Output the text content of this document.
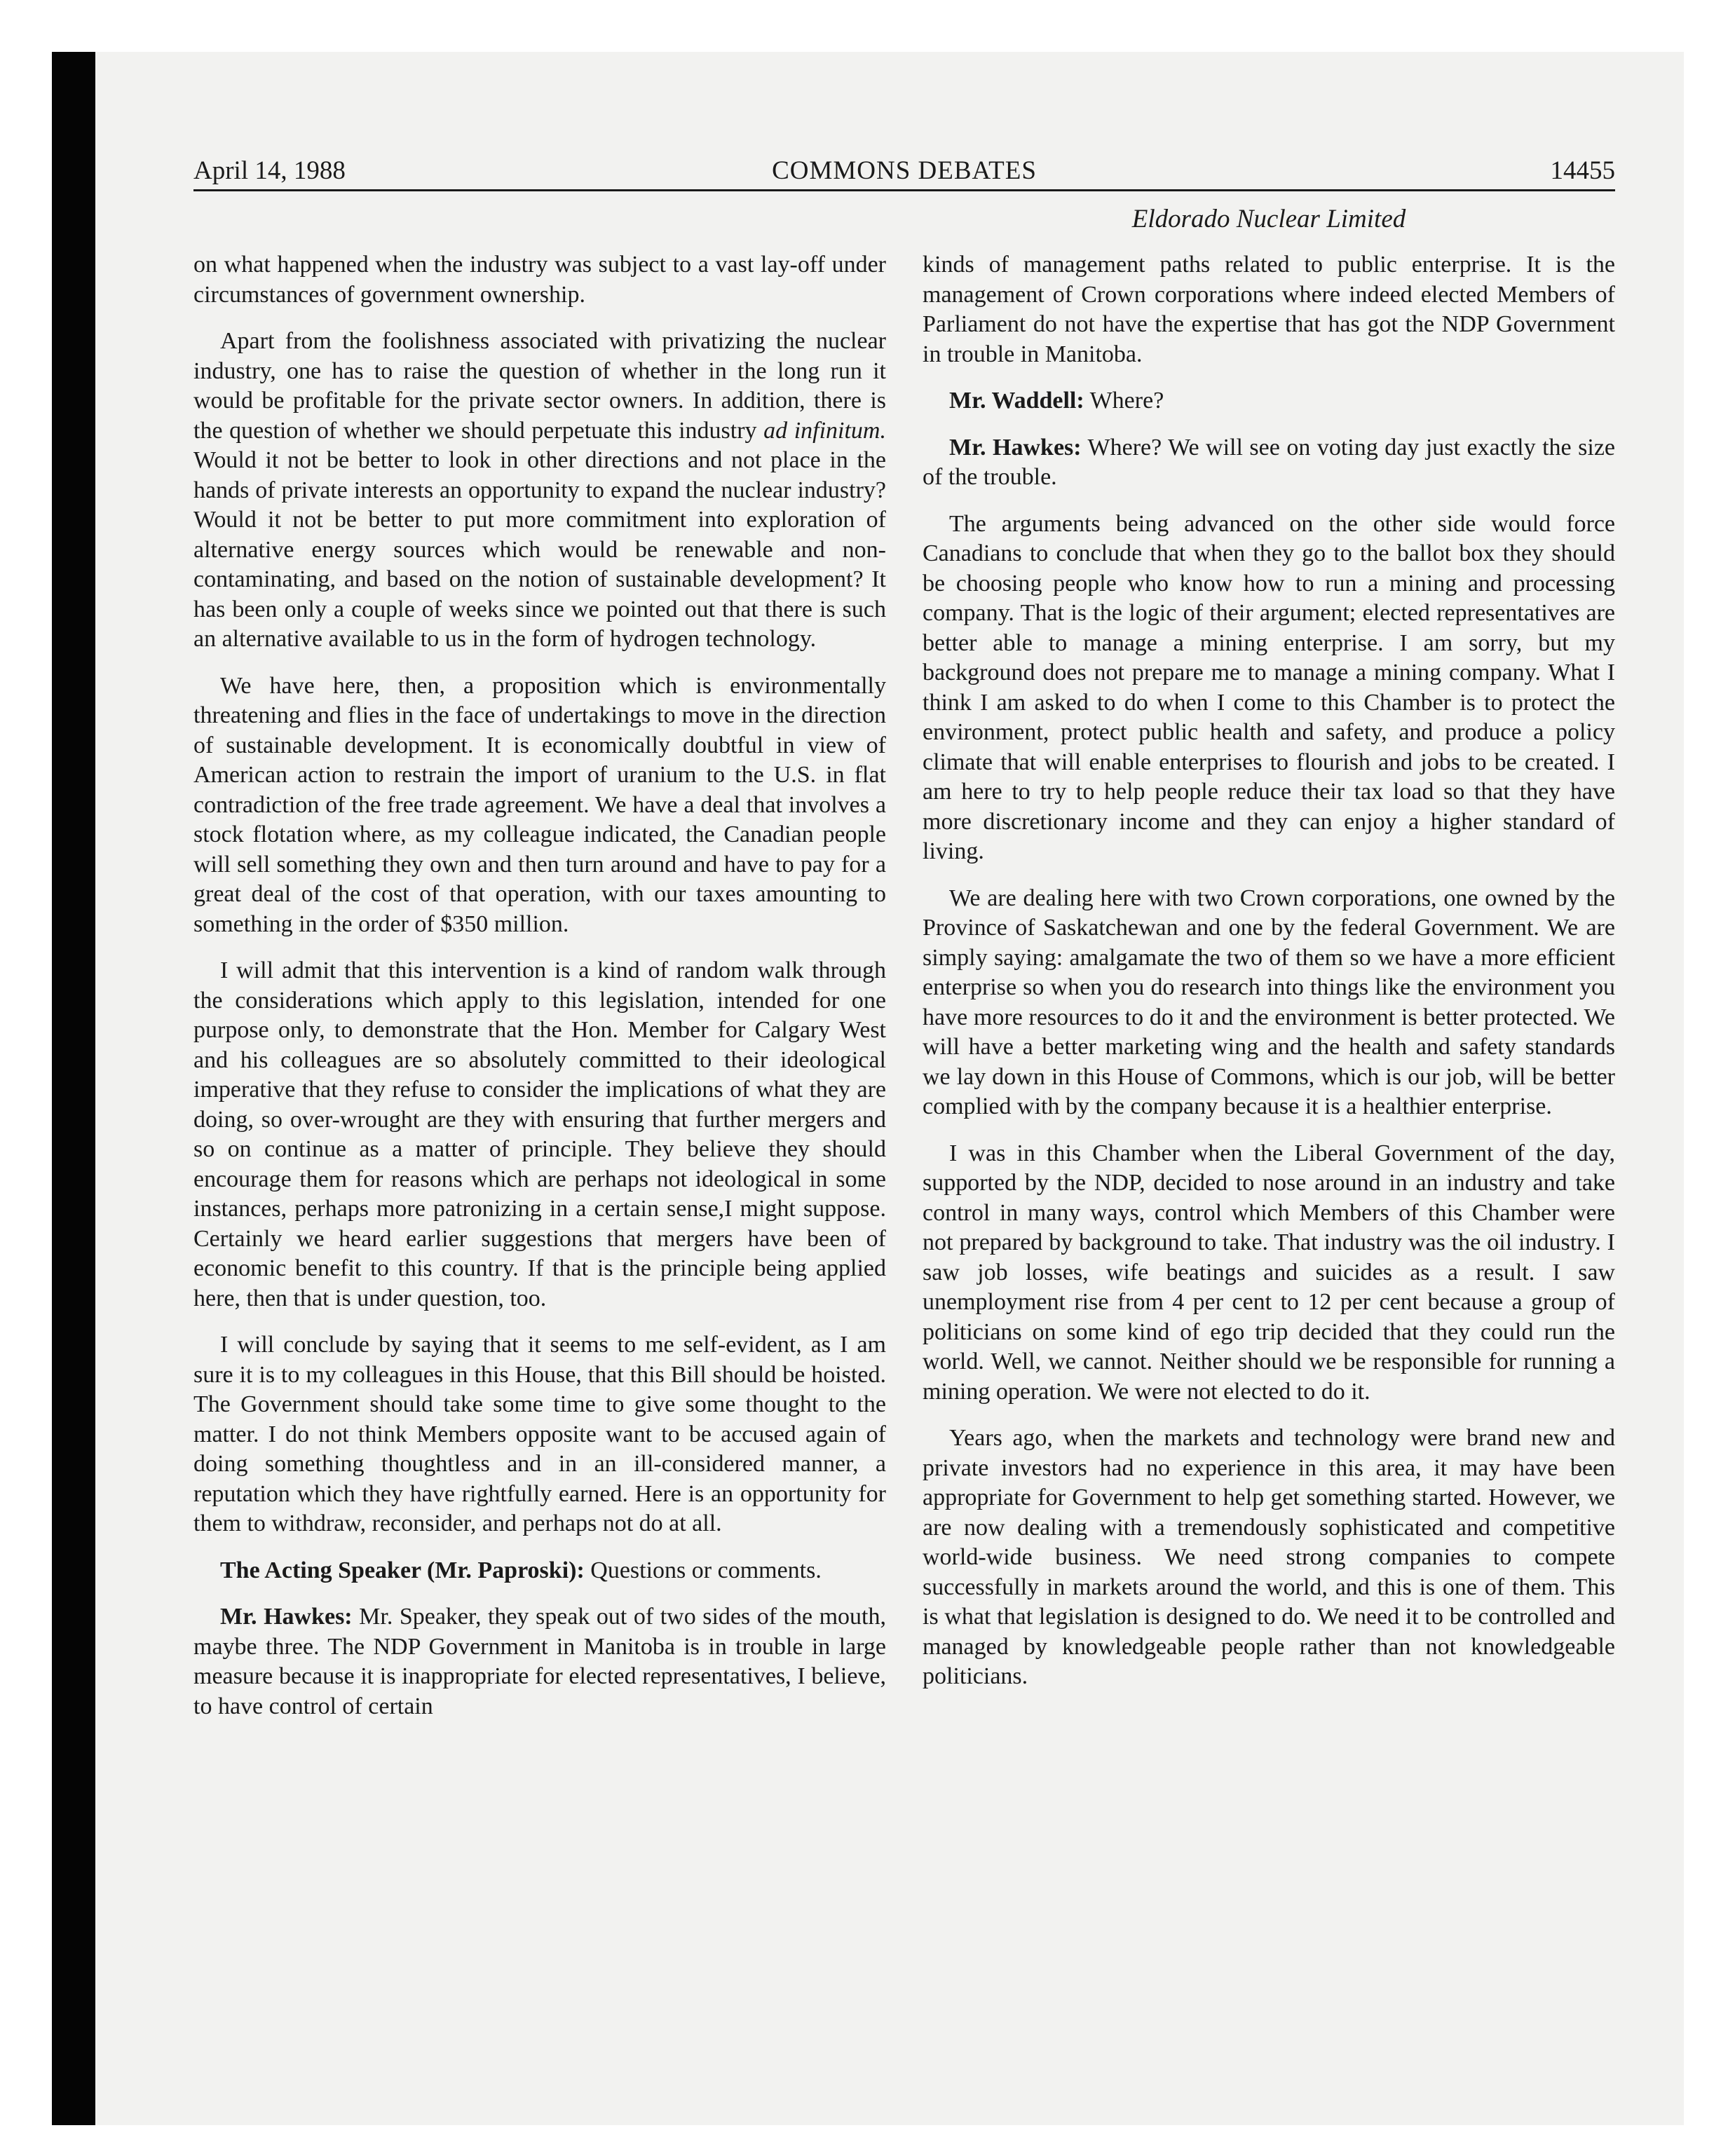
April 14, 1988	COMMONS DEBATES	14455
Eldorado Nuclear Limited

on what happened when the industry was subject to a vast lay-off under circumstances of government ownership.

Apart from the foolishness associated with privatizing the nuclear industry, one has to raise the question of whether in the long run it would be profitable for the private sector owners. In addition, there is the question of whether we should perpetuate this industry ad infinitum. Would it not be better to look in other directions and not place in the hands of private interests an opportunity to expand the nuclear industry? Would it not be better to put more commitment into exploration of alternative energy sources which would be renewable and non-contaminating, and based on the notion of sustainable development? It has been only a couple of weeks since we pointed out that there is such an alternative available to us in the form of hydrogen technology.

We have here, then, a proposition which is environmentally threatening and flies in the face of undertakings to move in the direction of sustainable development. It is economically doubtful in view of American action to restrain the import of uranium to the U.S. in flat contradiction of the free trade agreement. We have a deal that involves a stock flotation where, as my colleague indicated, the Canadian people will sell something they own and then turn around and have to pay for a great deal of the cost of that operation, with our taxes amounting to something in the order of $350 million.

I will admit that this intervention is a kind of random walk through the considerations which apply to this legislation, intended for one purpose only, to demonstrate that the Hon. Member for Calgary West and his colleagues are so absolutely committed to their ideological imperative that they refuse to consider the implications of what they are doing, so over-wrought are they with ensuring that further mergers and so on continue as a matter of principle. They believe they should encourage them for reasons which are perhaps not ideological in some instances, perhaps more patronizing in a certain sense,I might suppose. Certainly we heard earlier suggestions that mergers have been of economic benefit to this country. If that is the principle being applied here, then that is under question, too.

I will conclude by saying that it seems to me self-evident, as I am sure it is to my colleagues in this House, that this Bill should be hoisted. The Government should take some time to give some thought to the matter. I do not think Members opposite want to be accused again of doing something thoughtless and in an ill-considered manner, a reputation which they have rightfully earned. Here is an opportunity for them to withdraw, reconsider, and perhaps not do at all.

The Acting Speaker (Mr. Paproski): Questions or comments.

Mr. Hawkes: Mr. Speaker, they speak out of two sides of the mouth, maybe three. The NDP Government in Manitoba is in trouble in large measure because it is inappropriate for elected representatives, I believe, to have control of certain

kinds of management paths related to public enterprise. It is the management of Crown corporations where indeed elected Members of Parliament do not have the expertise that has got the NDP Government in trouble in Manitoba.

Mr. Waddell: Where?

Mr. Hawkes: Where? We will see on voting day just exactly the size of the trouble.

The arguments being advanced on the other side would force Canadians to conclude that when they go to the ballot box they should be choosing people who know how to run a mining and processing company. That is the logic of their argument; elected representatives are better able to manage a mining enterprise. I am sorry, but my background does not prepare me to manage a mining company. What I think I am asked to do when I come to this Chamber is to protect the environment, protect public health and safety, and produce a policy climate that will enable enterprises to flourish and jobs to be created. I am here to try to help people reduce their tax load so that they have more discretionary income and they can enjoy a higher standard of living.

We are dealing here with two Crown corporations, one owned by the Province of Saskatchewan and one by the federal Government. We are simply saying: amalgamate the two of them so we have a more efficient enterprise so when you do research into things like the environment you have more resources to do it and the environment is better protected. We will have a better marketing wing and the health and safety standards we lay down in this House of Commons, which is our job, will be better complied with by the company because it is a healthier enterprise.

I was in this Chamber when the Liberal Government of the day, supported by the NDP, decided to nose around in an industry and take control in many ways, control which Members of this Chamber were not prepared by background to take. That industry was the oil industry. I saw job losses, wife beatings and suicides as a result. I saw unemployment rise from 4 per cent to 12 per cent because a group of politicians on some kind of ego trip decided that they could run the world. Well, we cannot. Neither should we be responsible for running a mining operation. We were not elected to do it.

Years ago, when the markets and technology were brand new and private investors had no experience in this area, it may have been appropriate for Government to help get something started. However, we are now dealing with a tremendously sophisticated and competitive world-wide business. We need strong companies to compete successfully in markets around the world, and this is one of them. This is what that legislation is designed to do. We need it to be controlled and managed by knowledgeable people rather than not knowledgeable politicians.
